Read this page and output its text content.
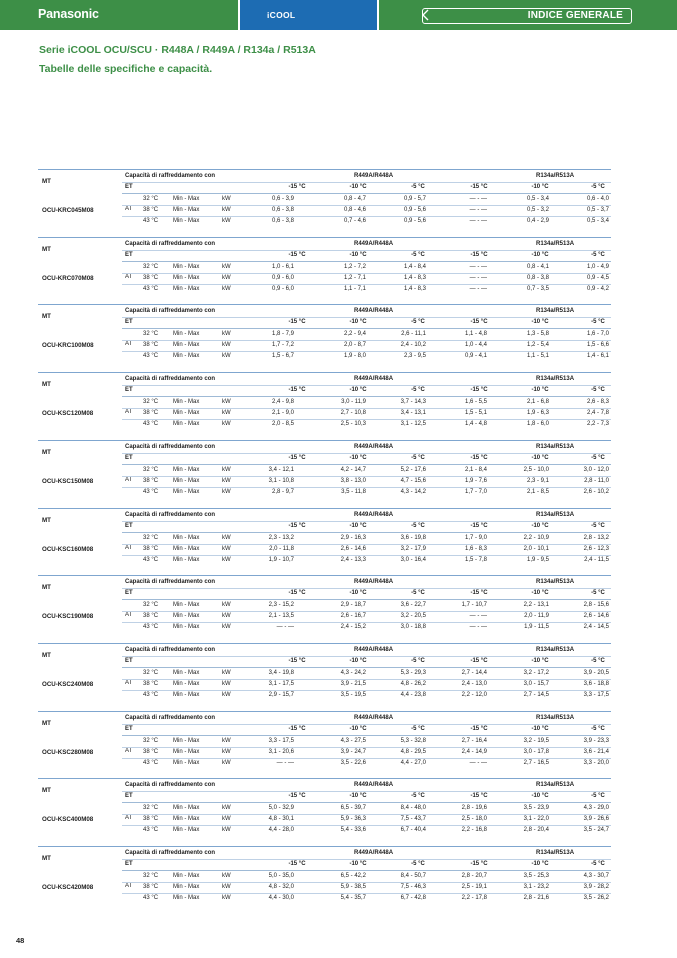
Panasonic	iCOOL	INDICE GENERALE
Serie iCOOL OCU/SCU · R448A / R449A / R134a / R513A
Tabelle delle specifiche e capacità.
MT
OCU-KRC045M08	AT
Capacità di raffreddamento con	R449A/R448A	R134a/R513A
ET	-15 °C	-10 °C	-5 °C	-15 °C	-10 °C	-5 °C
32 °C Min - Max	kW	0,6 - 3,9	0,8 - 4,7	0,9 - 5,7	— - —	0,5 - 3,4	0,6 - 4,0
38 °C Min - Max	kW	0,6 - 3,8	0,8 - 4,6	0,9 - 5,6	— - —	0,5 - 3,2	0,5 - 3,7
43 °C Min - Max	kW	0,6 - 3,8	0,7 - 4,6	0,9 - 5,6	— - —	0,4 - 2,9	0,5 - 3,4
MT
OCU-KRC070M08	AT
Capacità di raffreddamento con	R449A/R448A	R134a/R513A
ET	-15 °C	-10 °C	-5 °C	-15 °C	-10 °C	-5 °C
32 °C Min - Max	kW	1,0 - 6,1	1,2 - 7,2	1,4 - 8,4	— - —	0,8 - 4,1	1,0 - 4,9
38 °C Min - Max	kW	0,9 - 6,0	1,2 - 7,1	1,4 - 8,3	— - —	0,8 - 3,8	0,9 - 4,5
43 °C Min - Max	kW	0,9 - 6,0	1,1 - 7,1	1,4 - 8,3	— - —	0,7 - 3,5	0,9 - 4,2
MT
OCU-KRC100M08	AT
Capacità di raffreddamento con	R449A/R448A	R134a/R513A
ET	-15 °C	-10 °C	-5 °C	-15 °C	-10 °C	-5 °C
32 °C Min - Max	kW	1,8 - 7,9	2,2 - 9,4	2,6 - 11,1	1,1 - 4,8	1,3 - 5,8	1,6 - 7,0
38 °C Min - Max	kW	1,7 - 7,2	2,0 - 8,7	2,4 - 10,2	1,0 - 4,4	1,2 - 5,4	1,5 - 6,6
43 °C Min - Max	kW	1,5 - 6,7	1,9 - 8,0	2,3 - 9,5	0,9 - 4,1	1,1 - 5,1	1,4 - 6,1
MT
OCU-KSC120M08	AT
Capacità di raffreddamento con	R449A/R448A	R134a/R513A
ET	-15 °C	-10 °C	-5 °C	-15 °C	-10 °C	-5 °C
32 °C Min - Max	kW	2,4 - 9,8	3,0 - 11,9	3,7 - 14,3	1,6 - 5,5	2,1 - 6,8	2,6 - 8,3
38 °C Min - Max	kW	2,1 - 9,0	2,7 - 10,8	3,4 - 13,1	1,5 - 5,1	1,9 - 6,3	2,4 - 7,8
43 °C Min - Max	kW	2,0 - 8,5	2,5 - 10,3	3,1 - 12,5	1,4 - 4,8	1,8 - 6,0	2,2 - 7,3
MT
OCU-KSC150M08	AT
Capacità di raffreddamento con	R449A/R448A	R134a/R513A
ET	-15 °C	-10 °C	-5 °C	-15 °C	-10 °C	-5 °C
32 °C Min - Max	kW	3,4 - 12,1	4,2 - 14,7	5,2 - 17,6	2,1 - 8,4	2,5 - 10,0	3,0 - 12,0
38 °C Min - Max	kW	3,1 - 10,8	3,8 - 13,0	4,7 - 15,6	1,9 - 7,6	2,3 - 9,1	2,8 - 11,0
43 °C Min - Max	kW	2,8 - 9,7	3,5 - 11,8	4,3 - 14,2	1,7 - 7,0	2,1 - 8,5	2,6 - 10,2
MT
OCU-KSC160M08	AT
Capacità di raffreddamento con	R449A/R448A	R134a/R513A
ET	-15 °C	-10 °C	-5 °C	-15 °C	-10 °C	-5 °C
32 °C Min - Max	kW	2,3 - 13,2	2,9 - 16,3	3,6 - 19,8	1,7 - 9,0	2,2 - 10,9	2,8 - 13,2
38 °C Min - Max	kW	2,0 - 11,8	2,6 - 14,6	3,2 - 17,9	1,6 - 8,3	2,0 - 10,1	2,6 - 12,3
43 °C Min - Max	kW	1,9 - 10,7	2,4 - 13,3	3,0 - 16,4	1,5 - 7,8	1,9 - 9,5	2,4 - 11,5
MT
OCU-KSC190M08	AT
Capacità di raffreddamento con	R449A/R448A	R134a/R513A
ET	-15 °C	-10 °C	-5 °C	-15 °C	-10 °C	-5 °C
32 °C Min - Max	kW	2,3 - 15,2	2,9 - 18,7	3,6 - 22,7	1,7 - 10,7	2,2 - 13,1	2,8 - 15,6
38 °C Min - Max	kW	2,1 - 13,5	2,6 - 16,7	3,2 - 20,5	— - —	2,0 - 11,9	2,6 - 14,6
43 °C Min - Max	kW	— - —	2,4 - 15,2	3,0 - 18,8	— - —	1,9 - 11,5	2,4 - 14,5
MT
OCU-KSC240M08	AT
Capacità di raffreddamento con	R449A/R448A	R134a/R513A
ET	-15 °C	-10 °C	-5 °C	-15 °C	-10 °C	-5 °C
32 °C Min - Max	kW	3,4 - 19,8	4,3 - 24,2	5,3 - 29,3	2,7 - 14,4	3,2 - 17,2	3,9 - 20,5
38 °C Min - Max	kW	3,1 - 17,5	3,9 - 21,5	4,8 - 26,2	2,4 - 13,0	3,0 - 15,7	3,6 - 18,8
43 °C Min - Max	kW	2,9 - 15,7	3,5 - 19,5	4,4 - 23,8	2,2 - 12,0	2,7 - 14,5	3,3 - 17,5
MT
OCU-KSC280M08	AT
Capacità di raffreddamento con	R449A/R448A	R134a/R513A
ET	-15 °C	-10 °C	-5 °C	-15 °C	-10 °C	-5 °C
32 °C Min - Max	kW	3,3 - 17,5	4,3 - 27,5	5,3 - 32,8	2,7 - 16,4	3,2 - 19,5	3,9 - 23,3
38 °C Min - Max	kW	3,1 - 20,6	3,9 - 24,7	4,8 - 29,5	2,4 - 14,9	3,0 - 17,8	3,6 - 21,4
43 °C Min - Max	kW	— - —	3,5 - 22,6	4,4 - 27,0	— - —	2,7 - 16,5	3,3 - 20,0
MT
OCU-KSC400M08	AT
Capacità di raffreddamento con	R449A/R448A	R134a/R513A
ET	-15 °C	-10 °C	-5 °C	-15 °C	-10 °C	-5 °C
32 °C Min - Max	kW	5,0 - 32,9	6,5 - 39,7	8,4 - 48,0	2,8 - 19,6	3,5 - 23,9	4,3 - 29,0
38 °C Min - Max	kW	4,8 - 30,1	5,9 - 36,3	7,5 - 43,7	2,5 - 18,0	3,1 - 22,0	3,9 - 26,6
43 °C Min - Max	kW	4,4 - 28,0	5,4 - 33,6	6,7 - 40,4	2,2 - 16,8	2,8 - 20,4	3,5 - 24,7
MT
OCU-KSC420M08	AT
Capacità di raffreddamento con	R449A/R448A	R134a/R513A
ET	-15 °C	-10 °C	-5 °C	-15 °C	-10 °C	-5 °C
32 °C Min - Max	kW	5,0 - 35,0	6,5 - 42,2	8,4 - 50,7	2,8 - 20,7	3,5 - 25,3	4,3 - 30,7
38 °C Min - Max	kW	4,8 - 32,0	5,9 - 38,5	7,5 - 46,3	2,5 - 19,1	3,1 - 23,2	3,9 - 28,2
43 °C Min - Max	kW	4,4 - 30,0	5,4 - 35,7	6,7 - 42,8	2,2 - 17,8	2,8 - 21,6	3,5 - 26,2
48
